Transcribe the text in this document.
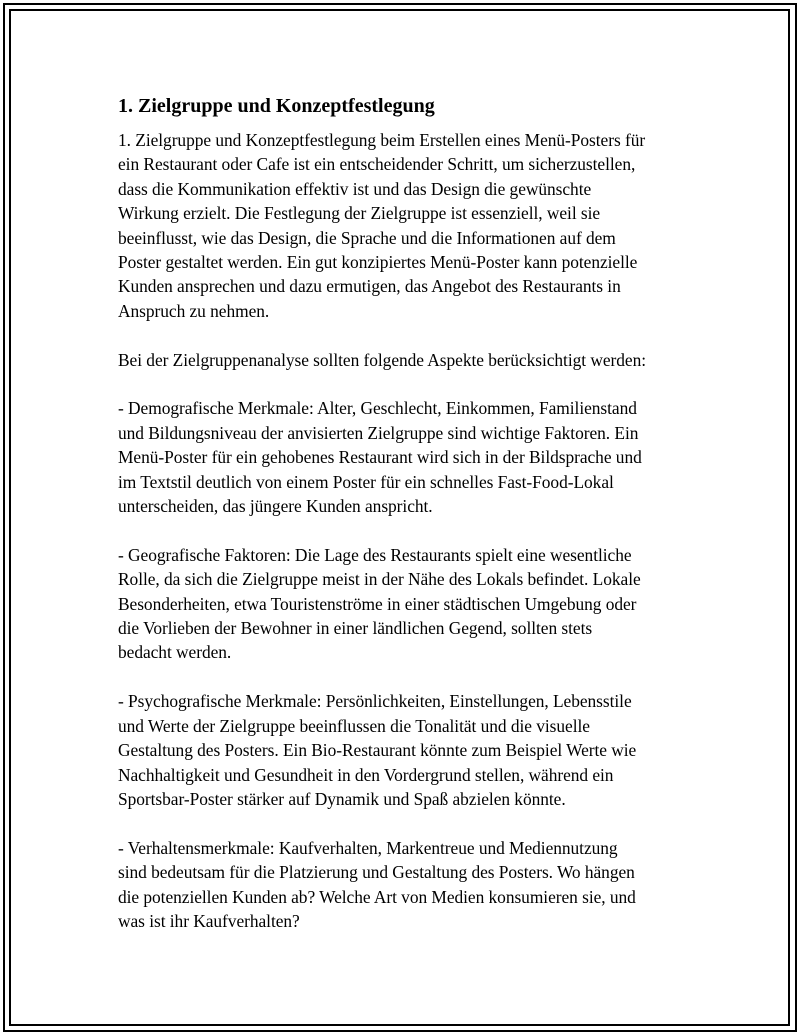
1. Zielgruppe und Konzeptfestlegung

1. Zielgruppe und Konzeptfestlegung beim Erstellen eines Menü-Posters für
ein Restaurant oder Cafe ist ein entscheidender Schritt, um sicherzustellen,
dass die Kommunikation effektiv ist und das Design die gewünschte
Wirkung erzielt. Die Festlegung der Zielgruppe ist essenziell, weil sie
beeinflusst, wie das Design, die Sprache und die Informationen auf dem
Poster gestaltet werden. Ein gut konzipiertes Menü-Poster kann potenzielle
Kunden ansprechen und dazu ermutigen, das Angebot des Restaurants in
Anspruch zu nehmen.

Bei der Zielgruppenanalyse sollten folgende Aspekte berücksichtigt werden:

- Demografische Merkmale: Alter, Geschlecht, Einkommen, Familienstand
und Bildungsniveau der anvisierten Zielgruppe sind wichtige Faktoren. Ein
Menü-Poster für ein gehobenes Restaurant wird sich in der Bildsprache und
im Textstil deutlich von einem Poster für ein schnelles Fast-Food-Lokal
unterscheiden, das jüngere Kunden anspricht.

- Geografische Faktoren: Die Lage des Restaurants spielt eine wesentliche
Rolle, da sich die Zielgruppe meist in der Nähe des Lokals befindet. Lokale
Besonderheiten, etwa Touristenströme in einer städtischen Umgebung oder
die Vorlieben der Bewohner in einer ländlichen Gegend, sollten stets
bedacht werden.

- Psychografische Merkmale: Persönlichkeiten, Einstellungen, Lebensstile
und Werte der Zielgruppe beeinflussen die Tonalität und die visuelle
Gestaltung des Posters. Ein Bio-Restaurant könnte zum Beispiel Werte wie
Nachhaltigkeit und Gesundheit in den Vordergrund stellen, während ein
Sportsbar-Poster stärker auf Dynamik und Spaß abzielen könnte.

- Verhaltensmerkmale: Kaufverhalten, Markentreue und Mediennutzung
sind bedeutsam für die Platzierung und Gestaltung des Posters. Wo hängen
die potenziellen Kunden ab? Welche Art von Medien konsumieren sie, und
was ist ihr Kaufverhalten?
